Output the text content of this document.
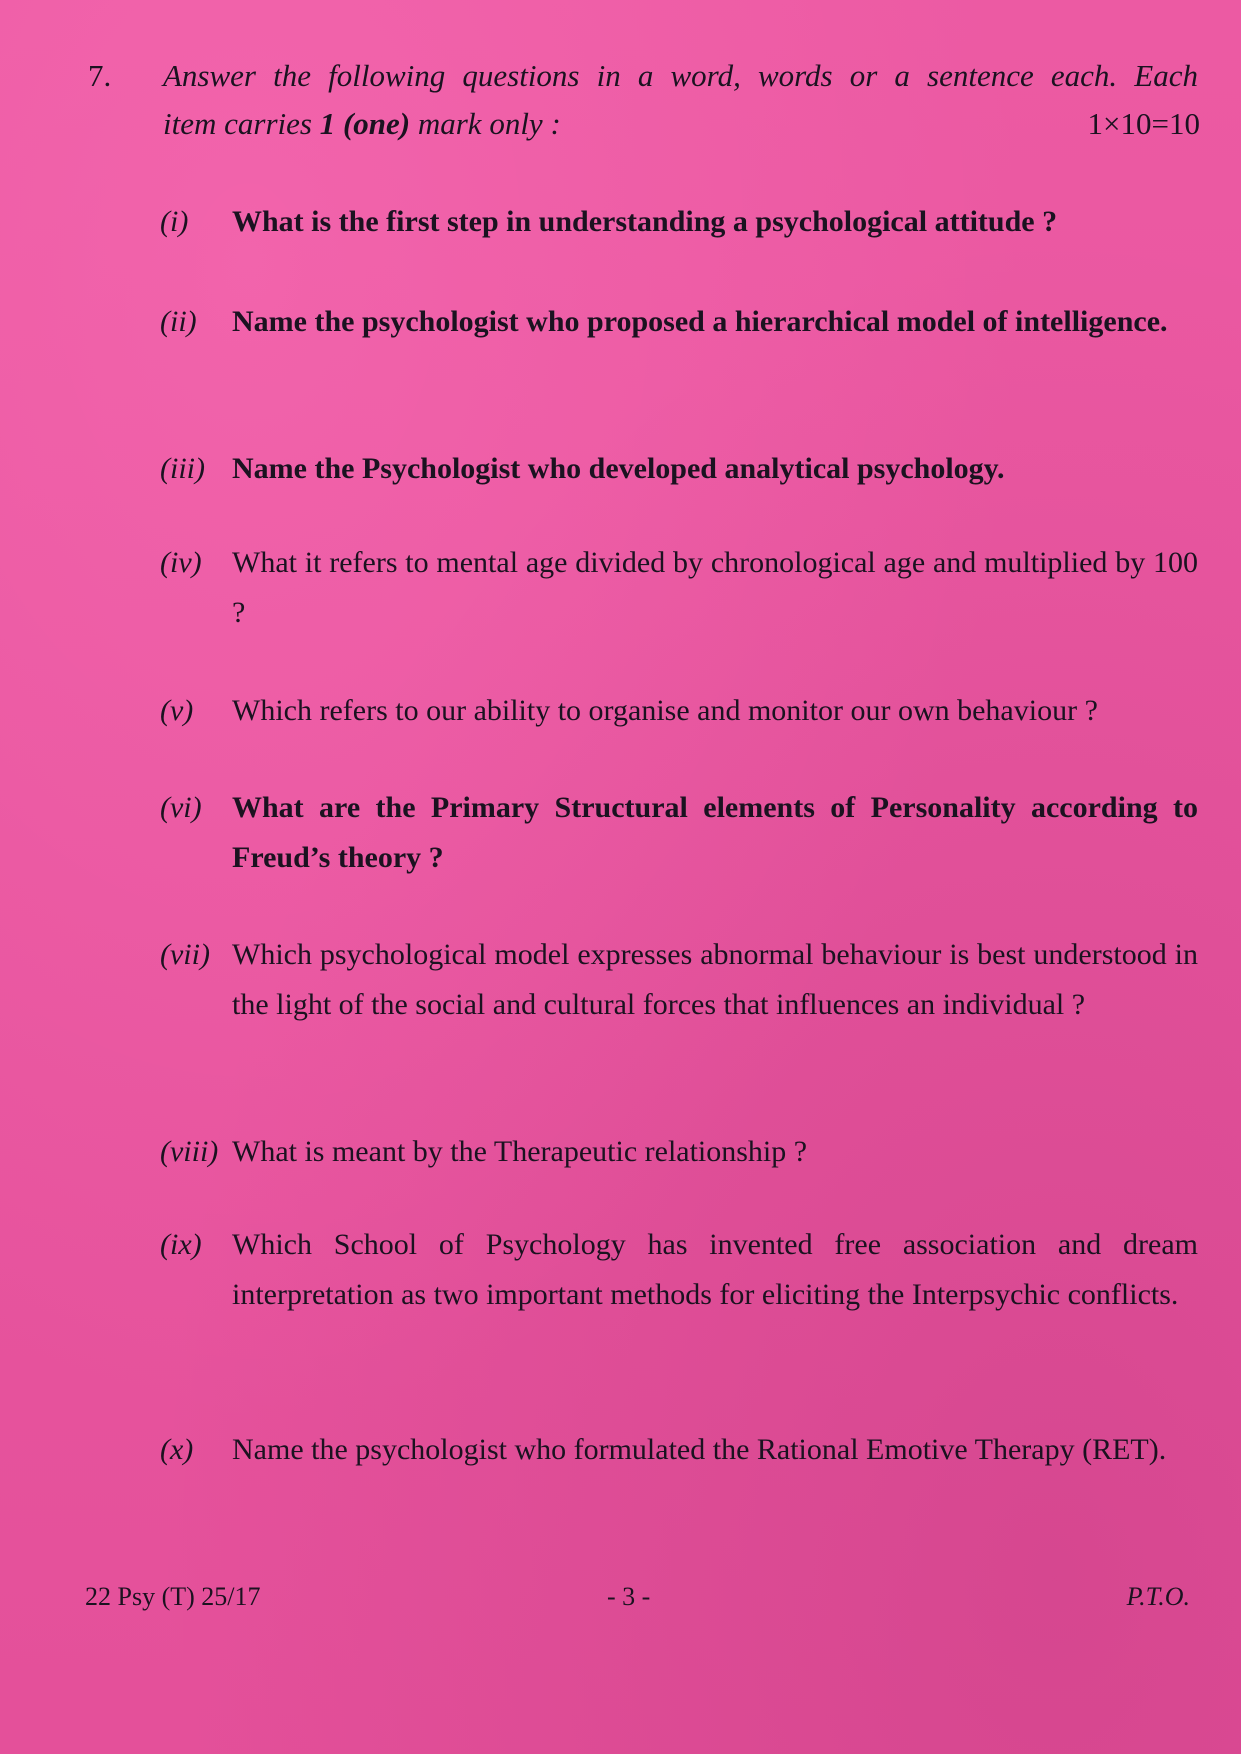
7. Answer the following questions in a word, words or a sentence each. Each
item carries 1 (one) mark only :	1×10=10
(i) What is the first step in understanding a psychological attitude ?
(ii) Name the psychologist who proposed a hierarchical model of intelligence.
(iii) Name the Psychologist who developed analytical psychology.
(iv) What it refers to mental age divided by chronological age and multiplied by 100 ?
(v) Which refers to our ability to organise and monitor our own behaviour ?
(vi) What are the Primary Structural elements of Personality according to Freud’s theory ?
(vii) Which psychological model expresses abnormal behaviour is best understood in the light of the social and cultural forces that influences an individual ?
(viii) What is meant by the Therapeutic relationship ?
(ix) Which School of Psychology has invented free association and dream interpretation as two important methods for eliciting the Interpsychic conflicts.
(x) Name the psychologist who formulated the Rational Emotive Therapy (RET).
22 Psy (T) 25/17	- 3 -	P.T.O.
